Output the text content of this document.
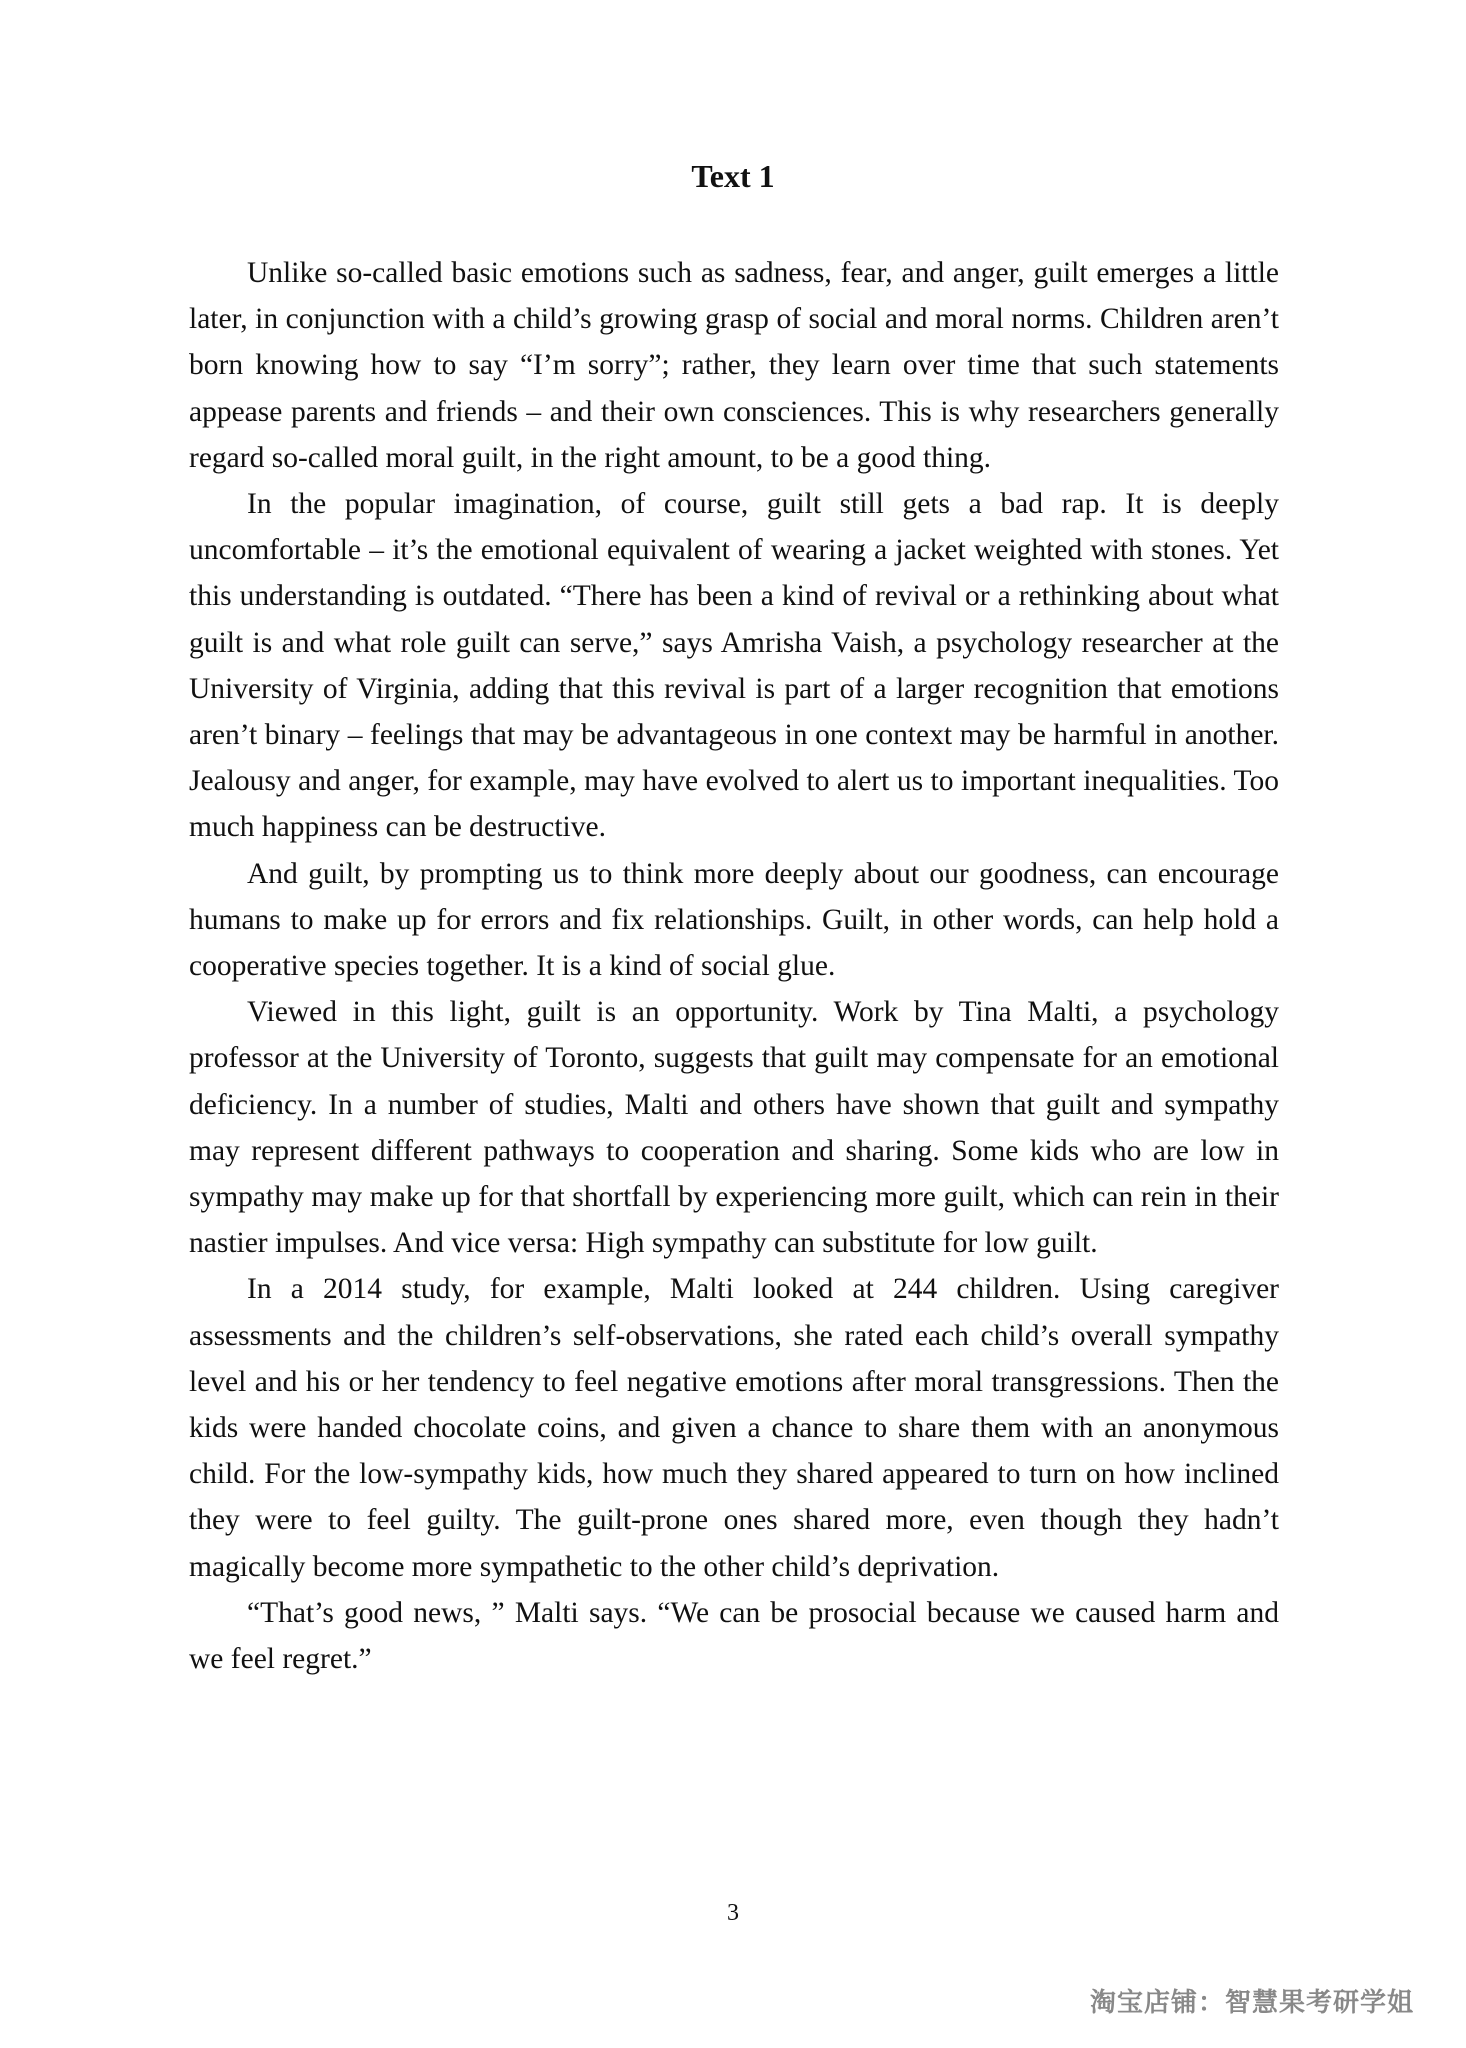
Text 1

Unlike so-called basic emotions such as sadness, fear, and anger, guilt emerges a little later, in conjunction with a child’s growing grasp of social and moral norms. Children aren’t born knowing how to say “I’m sorry”; rather, they learn over time that such statements appease parents and friends – and their own consciences. This is why researchers generally regard so-called moral guilt, in the right amount, to be a good thing.

In the popular imagination, of course, guilt still gets a bad rap. It is deeply uncomfortable – it’s the emotional equivalent of wearing a jacket weighted with stones. Yet this understanding is outdated. “There has been a kind of revival or a rethinking about what guilt is and what role guilt can serve,” says Amrisha Vaish, a psychology researcher at the University of Virginia, adding that this revival is part of a larger recognition that emotions aren’t binary – feelings that may be advantageous in one context may be harmful in another. Jealousy and anger, for example, may have evolved to alert us to important inequalities. Too much happiness can be destructive.

And guilt, by prompting us to think more deeply about our goodness, can encourage humans to make up for errors and fix relationships. Guilt, in other words, can help hold a cooperative species together. It is a kind of social glue.

Viewed in this light, guilt is an opportunity. Work by Tina Malti, a psychology professor at the University of Toronto, suggests that guilt may compensate for an emotional deficiency. In a number of studies, Malti and others have shown that guilt and sympathy may represent different pathways to cooperation and sharing. Some kids who are low in sympathy may make up for that shortfall by experiencing more guilt, which can rein in their nastier impulses. And vice versa: High sympathy can substitute for low guilt.

In a 2014 study, for example, Malti looked at 244 children. Using caregiver assessments and the children’s self-observations, she rated each child’s overall sympathy level and his or her tendency to feel negative emotions after moral transgressions. Then the kids were handed chocolate coins, and given a chance to share them with an anonymous child. For the low-sympathy kids, how much they shared appeared to turn on how inclined they were to feel guilty. The guilt-prone ones shared more, even though they hadn’t magically become more sympathetic to the other child’s deprivation.

“That’s good news, ” Malti says. “We can be prosocial because we caused harm and we feel regret.”

3
淘宝店铺：智慧果考研学姐
